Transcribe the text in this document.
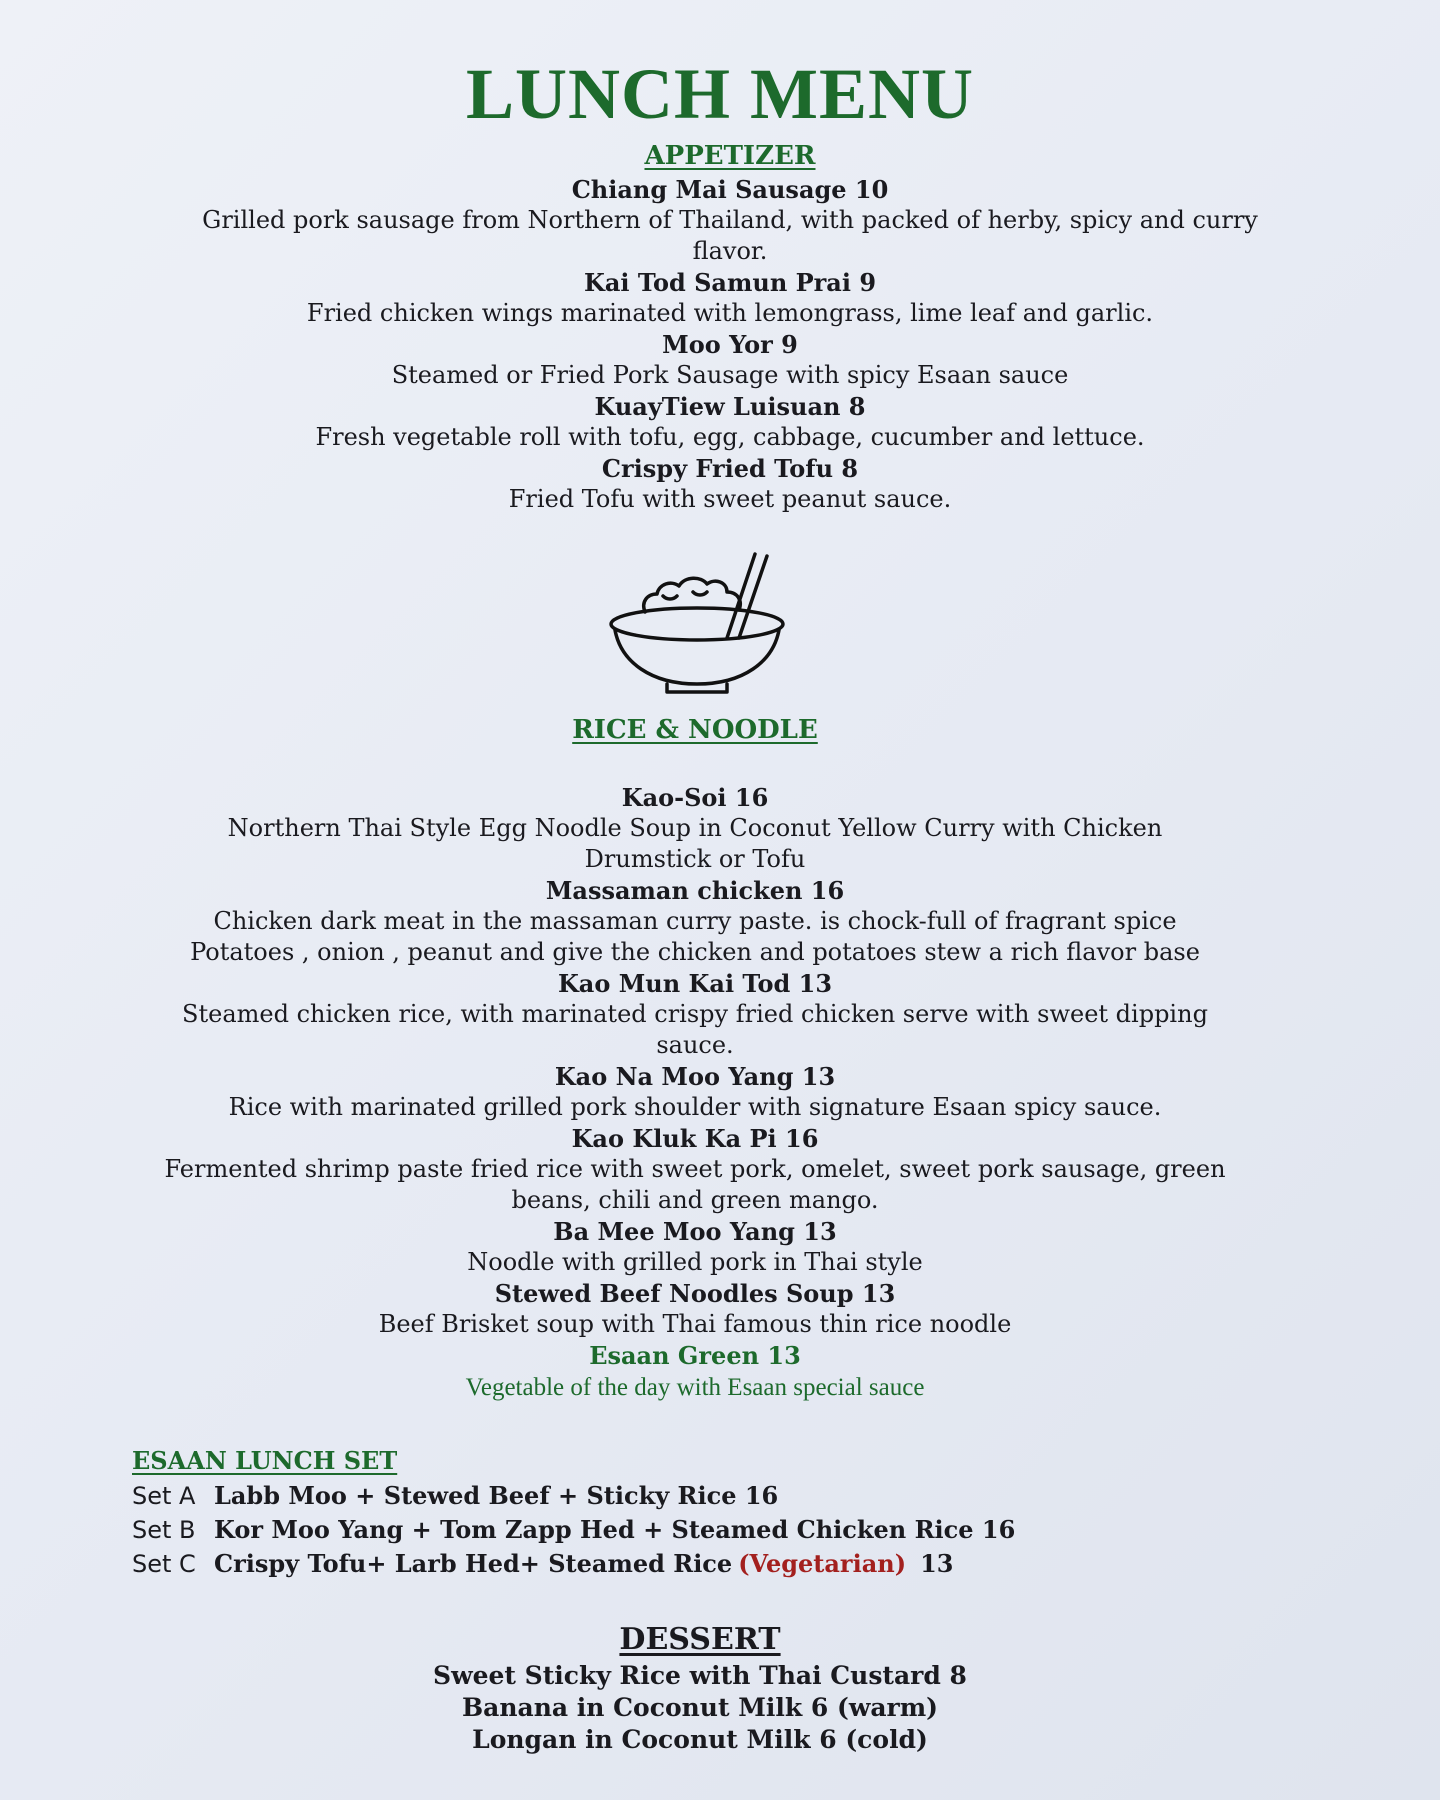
LUNCH MENU
APPETIZER
Chiang Mai Sausage 10
Grilled pork sausage from Northern of Thailand, with packed of herby, spicy and curry flavor.
Kai Tod Samun Prai 9
Fried chicken wings marinated with lemongrass, lime leaf and garlic.
Moo Yor 9
Steamed or Fried Pork Sausage with spicy Esaan sauce
KuayTiew Luisuan 8
Fresh vegetable roll with tofu, egg, cabbage, cucumber and lettuce.
Crispy Fried Tofu 8
Fried Tofu with sweet peanut sauce.
RICE & NOODLE
Kao-Soi 16
Northern Thai Style Egg Noodle Soup in Coconut Yellow Curry with Chicken
Drumstick or Tofu
Massaman chicken 16
Chicken dark meat in the massaman curry paste. is chock-full of fragrant spice
Potatoes , onion , peanut and give the chicken and potatoes stew a rich flavor base
Kao Mun Kai Tod 13
Steamed chicken rice, with marinated crispy fried chicken serve with sweet dipping
sauce.
Kao Na Moo Yang 13
Rice with marinated grilled pork shoulder with signature Esaan spicy sauce.
Kao Kluk Ka Pi 16
Fermented shrimp paste fried rice with sweet pork, omelet, sweet pork sausage, green
beans, chili and green mango.
Ba Mee Moo Yang 13
Noodle with grilled pork in Thai style
Stewed Beef Noodles Soup 13
Beef Brisket soup with Thai famous thin rice noodle
Esaan Green 13
Vegetable of the day with Esaan special sauce
ESAAN LUNCH SET
Set A Labb Moo + Stewed Beef + Sticky Rice 16
Set B Kor Moo Yang + Tom Zapp Hed + Steamed Chicken Rice 16
Set C Crispy Tofu+ Larb Hed+ Steamed Rice (Vegetarian) 13
DESSERT
Sweet Sticky Rice with Thai Custard 8
Banana in Coconut Milk 6 (warm)
Longan in Coconut Milk 6 (cold)
